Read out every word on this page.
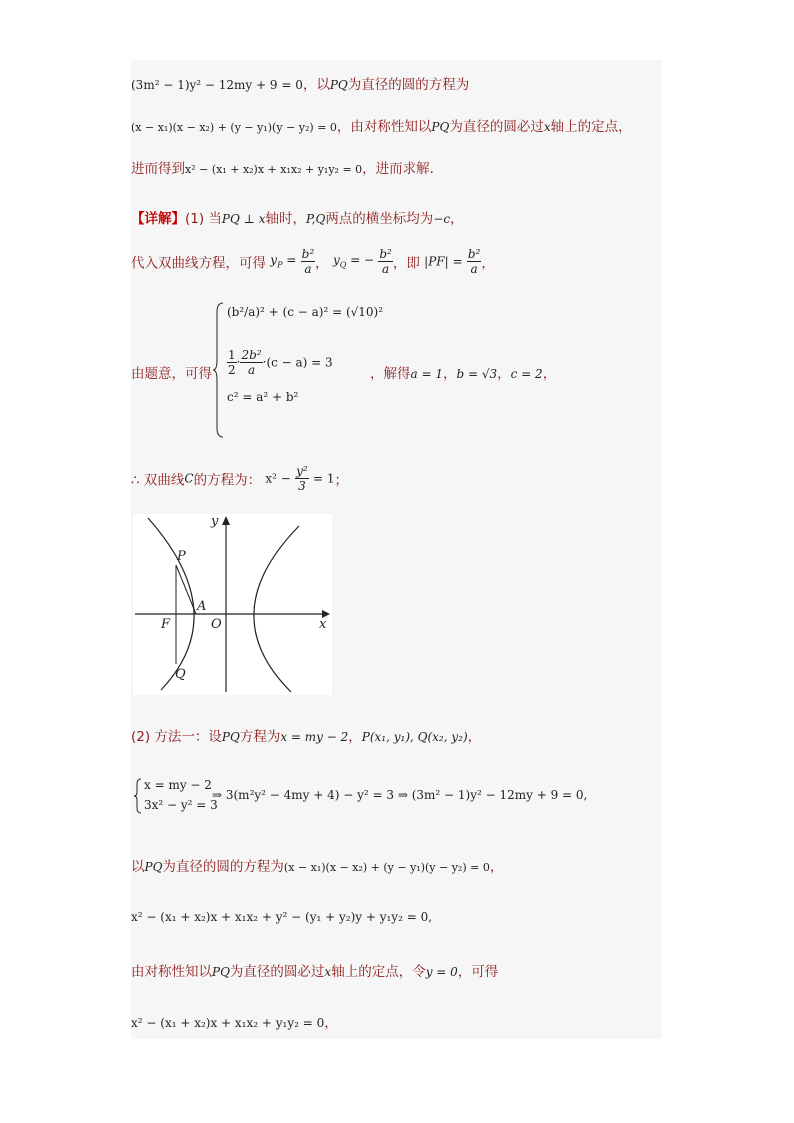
(3m² − 1)y² − 12my + 9 = 0，以PQ为直径的圆的方程为
(x − x₁)(x − x₂) + (y − y₁)(y − y₂) = 0，由对称性知以PQ为直径的圆必过x轴上的定点，
进而得到x² − (x₁ + x₂)x + x₁x₂ + y₁y₂ = 0，进而求解.
【详解】(1) 当PQ ⊥ x轴时，P,Q两点的横坐标均为−c，
代入双曲线方程，可得 $y_P = \frac{\text{b²}}{a}$ ， $y_Q$ = − $\frac{\text{b²}}{a}$ ，即 $|PF| = \frac{\text{b²}}{a}$ ，
由题意，可得
(b²/a)² + (c − a)² = (√10)²
$\frac{1}{2} \cdot \frac{\text{2b²}}{a} \cdot(c - a) = 3$
c² = a² + b²
，解得a = 1，b = √3，c = 2，
∴ 双曲线C的方程为： $x^2 - \frac{\text{y²}}{3} = 1$；
y
x
P
A
F	O
Q
(2) 方法一：设PQ方程为x = my − 2，P(x₁, y₁), Q(x₂, y₂)，
x = my − 2
3x² − y² = 3
⇒ 3(m²y² − 4my + 4) − y² = 3 ⇒ (3m² − 1)y² − 12my + 9 = 0,
以PQ为直径的圆的方程为(x − x₁)(x − x₂) + (y − y₁)(y − y₂) = 0，
x² − (x₁ + x₂)x + x₁x₂ + y² − (y₁ + y₂)y + y₁y₂ = 0,
由对称性知以PQ为直径的圆必过x轴上的定点，令y = 0，可得
x² − (x₁ + x₂)x + x₁x₂ + y₁y₂ = 0，
